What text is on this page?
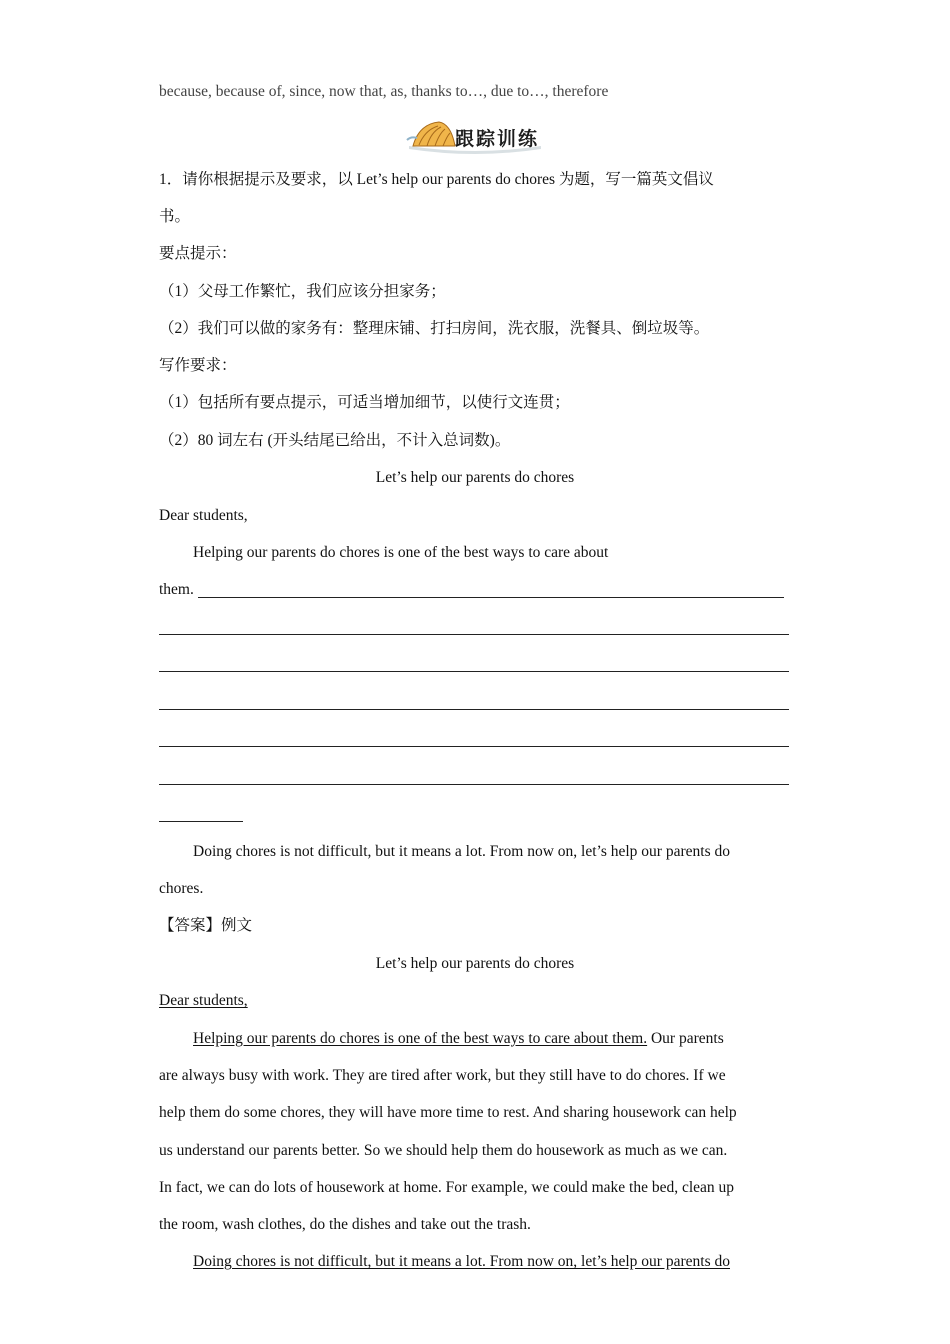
because, because of, since, now that, as, thanks to…, due to…, therefore
跟踪训练
1．请你根据提示及要求，以 Let’s help our parents do chores 为题，写一篇英文倡议
书。
要点提示：
（1）父母工作繁忙，我们应该分担家务；
（2）我们可以做的家务有：整理床铺、打扫房间，洗衣服，洗餐具、倒垃圾等。
写作要求：
（1）包括所有要点提示，可适当增加细节，以使行文连贯；
（2）80 词左右 (开头结尾已给出，不计入总词数)。
Let’s help our parents do chores
Dear students,
Helping our parents do chores is one of the best ways to care about
them.
Doing chores is not difficult, but it means a lot. From now on, let’s help our parents do
chores.
【答案】例文
Let’s help our parents do chores
Dear students,
Helping our parents do chores is one of the best ways to care about them. Our parents
are always busy with work. They are tired after work, but they still have to do chores. If we
help them do some chores, they will have more time to rest. And sharing housework can help
us understand our parents better. So we should help them do housework as much as we can.
In fact, we can do lots of housework at home. For example, we could make the bed, clean up
the room, wash clothes, do the dishes and take out the trash.
Doing chores is not difficult, but it means a lot. From now on, let’s help our parents do
